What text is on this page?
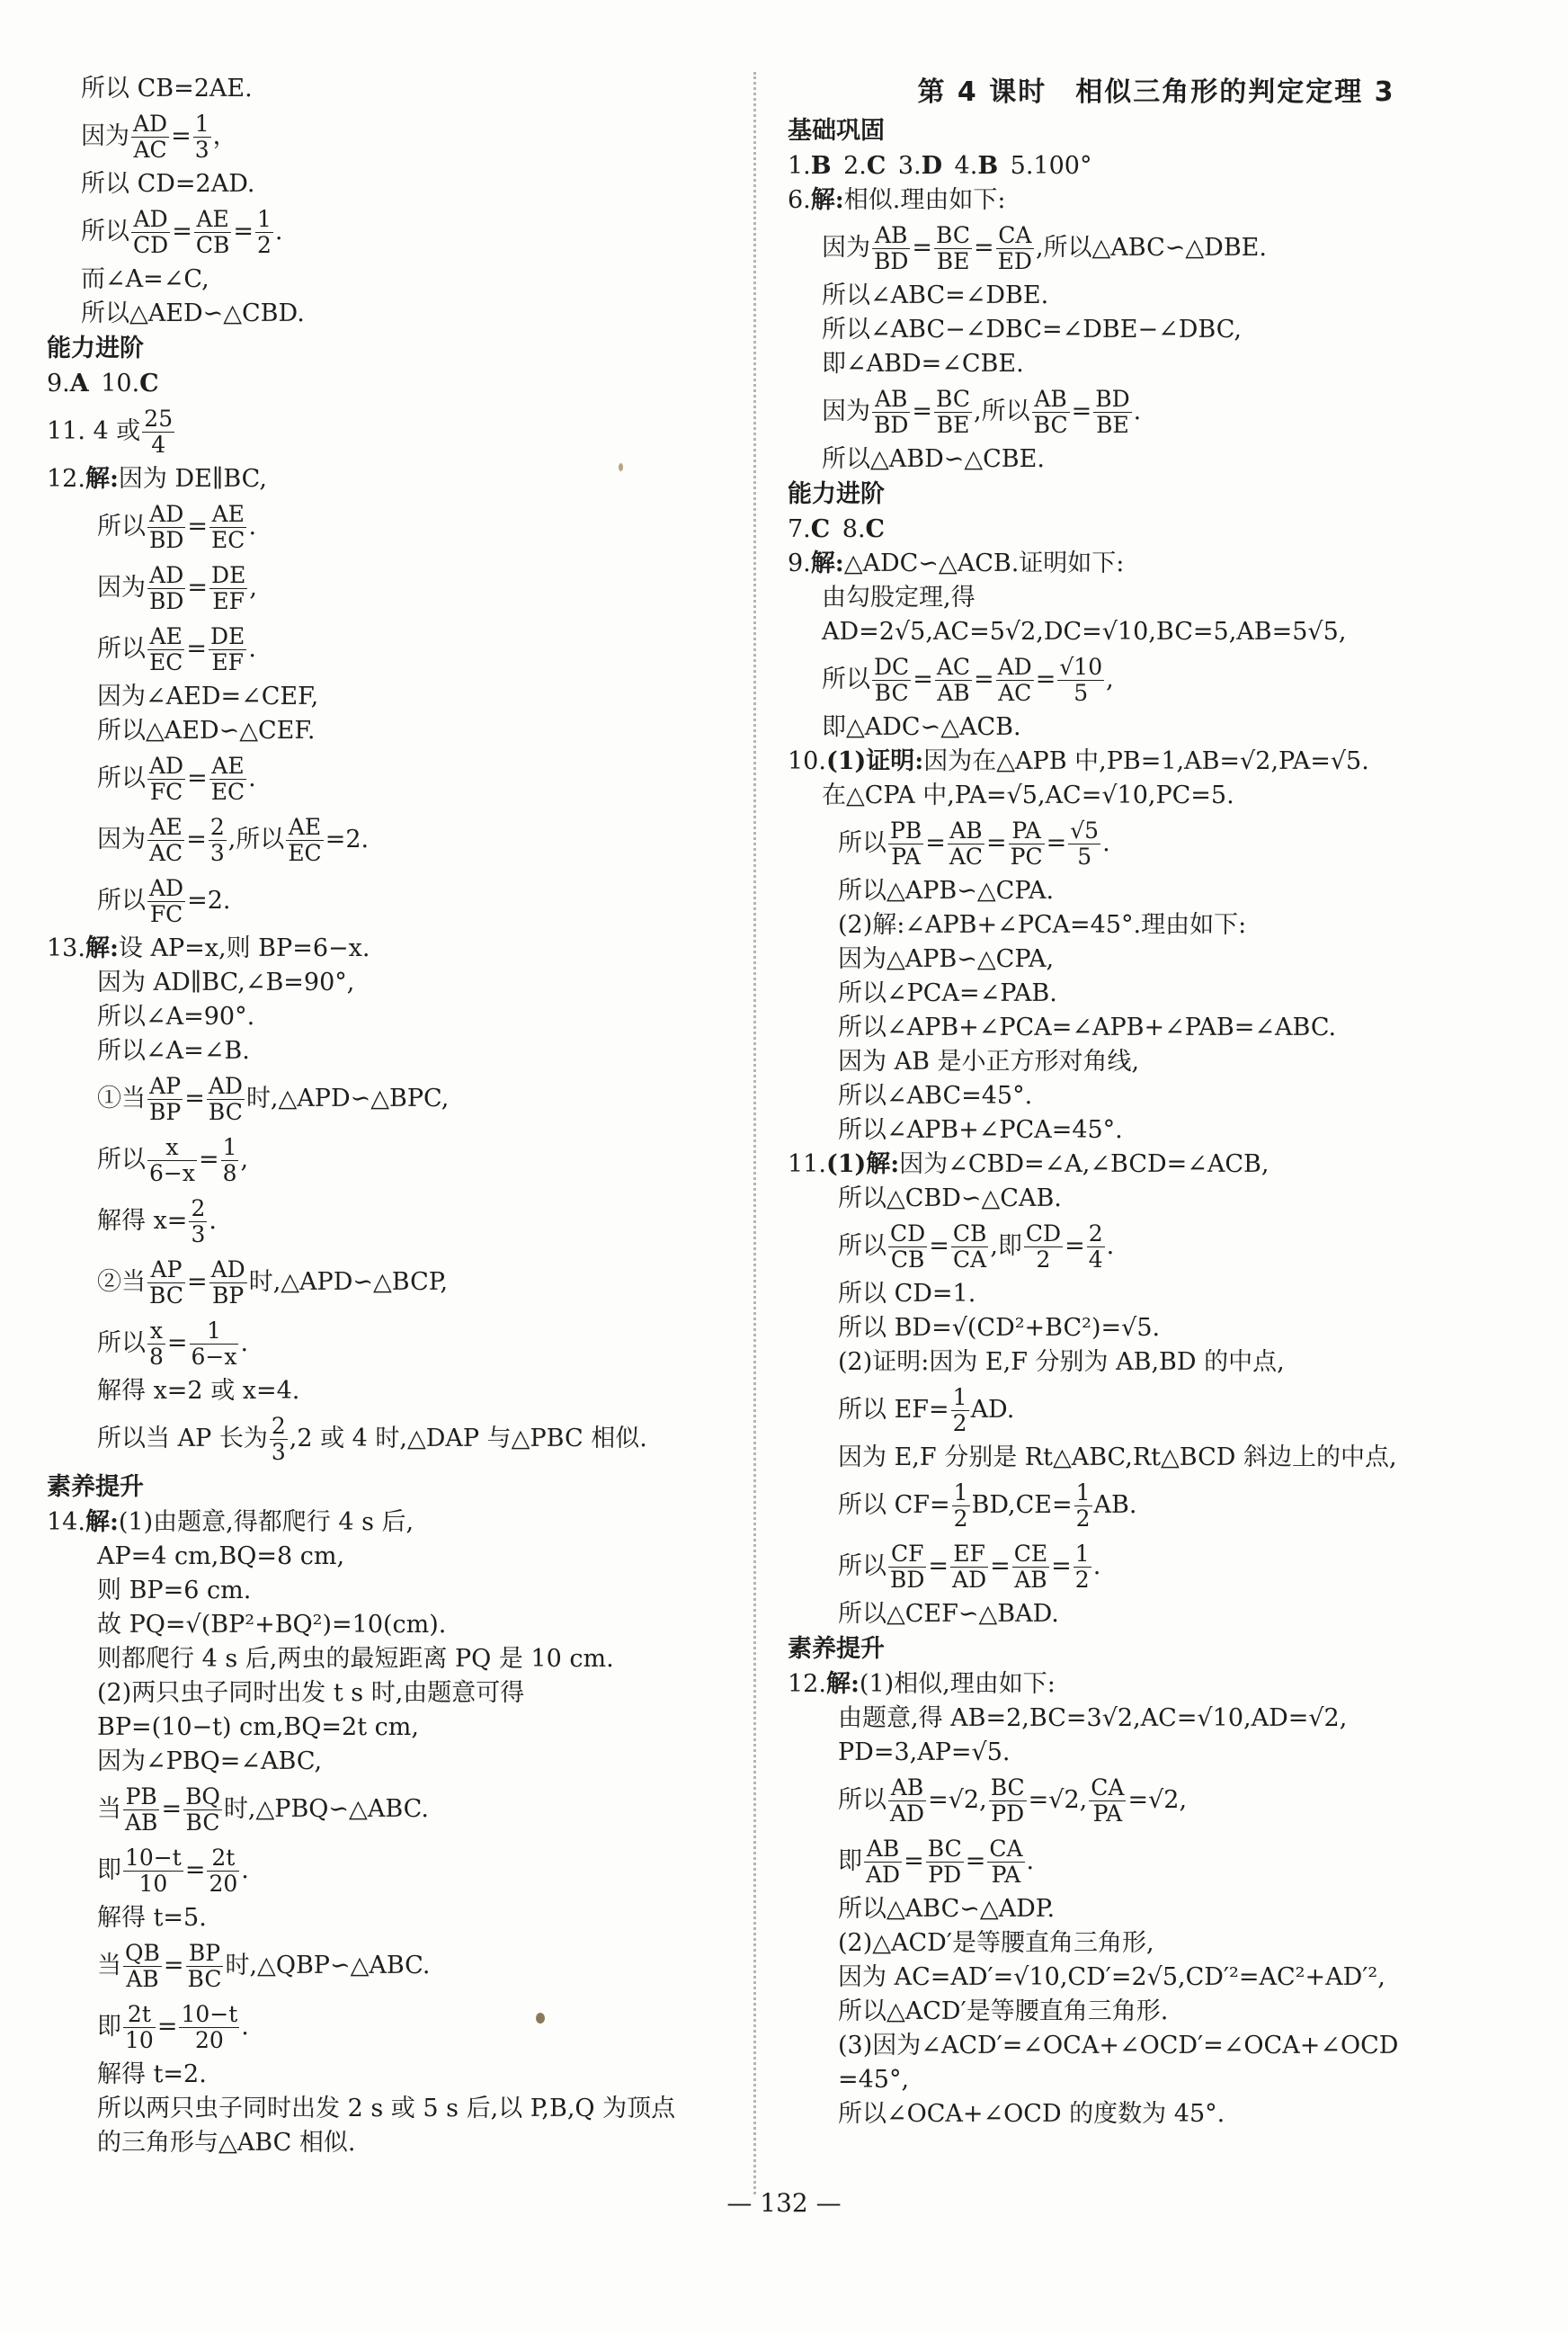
所以 CB=2AE.
因为 $\frac{AD}{AC} = \frac{1}{3}$ ，
所以 CD=2AD.
所以 $\frac{AD}{CD} = \frac{AE}{CB} = \frac{1}{2}$ .
而∠A=∠C,
所以△AED∽△CBD.
能力进阶
9.A  10.C
11. 4 或 $\frac{25}{4}$
12.解:因为 DE∥BC,
所以 $\frac{AD}{BD} = \frac{AE}{EC}$ .
因为 $\frac{AD}{BD} = \frac{DE}{EF}$ ,
所以 $\frac{AE}{EC} = \frac{DE}{EF}$ .
因为∠AED=∠CEF,
所以△AED∽△CEF.
所以 $\frac{AD}{FC} = \frac{AE}{EC}$ .
因为 $\frac{AE}{AC} = \frac{2}{3}$ ,所以 $\frac{AE}{EC} =2$.
所以 $\frac{AD}{FC} =2$.
13.解:设 AP=x,则 BP=6−x.
因为 AD∥BC,∠B=90°,
所以∠A=90°.
所以∠A=∠B.
①当 $\frac{AP}{BP} = \frac{AD}{BC}$ 时,△APD∽△BPC,
所以 $\frac{x}{6-x} = \frac{1}{8}$ ,
解得 $x= \frac{2}{3}$ .
②当 $\frac{AP}{BC} = \frac{AD}{BP}$ 时,△APD∽△BCP,
所以 $\frac{x}{8} = \frac{1}{6-x}$ .
解得 x=2 或 x=4.
所以当 AP 长为 $\frac{2}{3} ,2$ 或 4 时,△DAP 与△PBC 相似.
素养提升
14.解:(1)由题意,得都爬行 4 s 后,
AP=4 cm,BQ=8 cm,
则 BP=6 cm.
故 PQ=√(BP²+BQ²)=10(cm).
则都爬行 4 s 后,两虫的最短距离 PQ 是 10 cm.
(2)两只虫子同时出发 t s 时,由题意可得
BP=(10−t) cm,BQ=2t cm,
因为∠PBQ=∠ABC,
当 $\frac{PB}{AB} = \frac{BQ}{BC}$ 时,△PBQ∽△ABC.
即 $\frac{10-t}{10} = \frac{2t}{20}$ .
解得 t=5.
当 $\frac{QB}{AB} = \frac{BP}{BC}$ 时,△QBP∽△ABC.
即 $\frac{2t}{10} = \frac{10-t}{20}$ .
解得 t=2.
所以两只虫子同时出发 2 s 或 5 s 后,以 P,B,Q 为顶点
的三角形与△ABC 相似.
第 4 课时　相似三角形的判定定理 3
基础巩固
1.B  2.C  3.D  4.B  5.100°
6.解:相似.理由如下:
因为 $\frac{AB}{BD} = \frac{BC}{BE} = \frac{CA}{ED}$ ,所以△ABC∽△DBE.
所以∠ABC=∠DBE.
所以∠ABC−∠DBC=∠DBE−∠DBC,
即∠ABD=∠CBE.
因为 $\frac{AB}{BD} = \frac{BC}{BE}$ ,所以 $\frac{AB}{BC} = \frac{BD}{BE}$ .
所以△ABD∽△CBE.
能力进阶
7.C  8.C
9.解:△ADC∽△ACB.证明如下:
由勾股定理,得
AD=2√5,AC=5√2,DC=√10,BC=5,AB=5√5,
所以 $\frac{DC}{BC} = \frac{AC}{AB} = \frac{AD}{AC} = \frac{√10}{5}$ ,
即△ADC∽△ACB.
10.(1)证明:因为在△APB 中,PB=1,AB=√2,PA=√5.
在△CPA 中,PA=√5,AC=√10,PC=5.
所以 $\frac{PB}{PA} = \frac{AB}{AC} = \frac{PA}{PC} = \frac{√5}{5}$ .
所以△APB∽△CPA.
(2)解:∠APB+∠PCA=45°.理由如下:
因为△APB∽△CPA,
所以∠PCA=∠PAB.
所以∠APB+∠PCA=∠APB+∠PAB=∠ABC.
因为 AB 是小正方形对角线,
所以∠ABC=45°.
所以∠APB+∠PCA=45°.
11.(1)解:因为∠CBD=∠A,∠BCD=∠ACB,
所以△CBD∽△CAB.
所以 $\frac{CD}{CB} = \frac{CB}{CA}$ ,即 $\frac{CD}{2} = \frac{2}{4}$ .
所以 CD=1.
所以 BD=√(CD²+BC²)=√5.
(2)证明:因为 E,F 分别为 AB,BD 的中点,
所以 $EF= \frac{1}{2}$ AD.
因为 E,F 分别是 Rt△ABC,Rt△BCD 斜边上的中点,
所以 $CF= \frac{1}{2} BD,CE= \frac{1}{2}$ AB.
所以 $\frac{CF}{BD} = \frac{EF}{AD} = \frac{CE}{AB} = \frac{1}{2}$ .
所以△CEF∽△BAD.
素养提升
12.解:(1)相似,理由如下:
由题意,得 AB=2,BC=3√2,AC=√10,AD=√2,
PD=3,AP=√5.
所以 $\frac{AB}{AD} =√2$, $\frac{BC}{PD} =√2$, $\frac{CA}{PA} =√2$,
即 $\frac{AB}{AD} = \frac{BC}{PD} = \frac{CA}{PA}$ .
所以△ABC∽△ADP.
(2)△ACD′是等腰直角三角形,
因为 AC=AD′=√10,CD′=2√5,CD′²=AC²+AD′²,
所以△ACD′是等腰直角三角形.
(3)因为∠ACD′=∠OCA+∠OCD′=∠OCA+∠OCD
=45°,
所以∠OCA+∠OCD 的度数为 45°.
— 132 —
